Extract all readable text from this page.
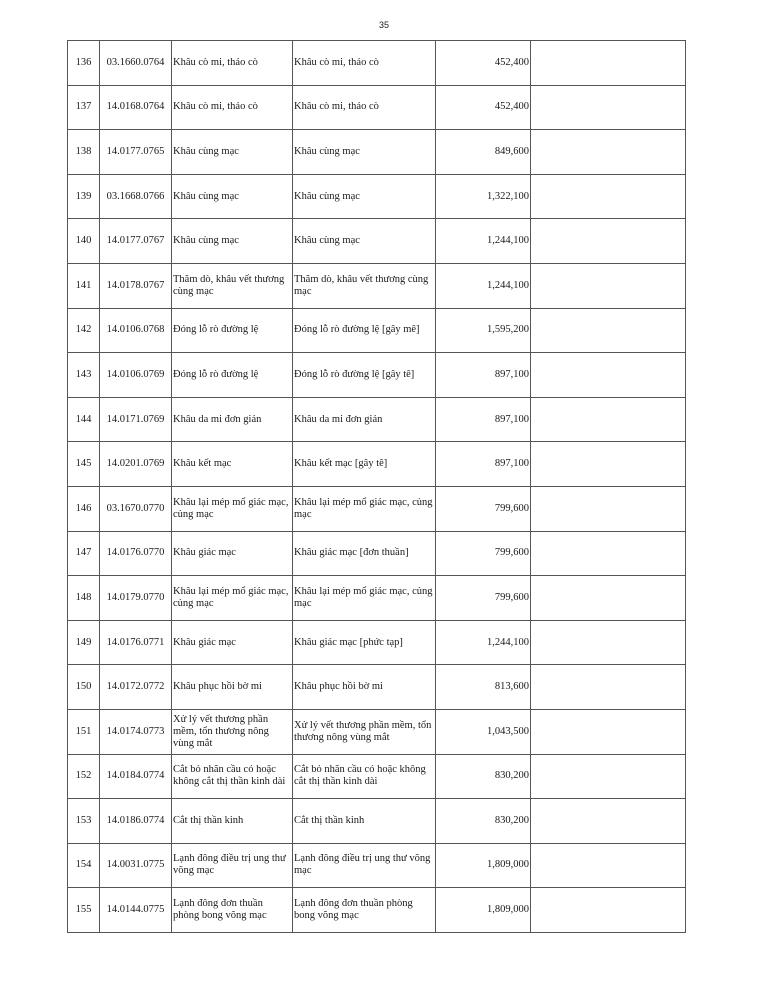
35
136	03.1660.0764	Khâu cò mi, tháo cò	Khâu cò mi, tháo cò	452,400	
137	14.0168.0764	Khâu cò mi, tháo cò	Khâu cò mi, tháo cò	452,400	
138	14.0177.0765	Khâu cùng mạc	Khâu cùng mạc	849,600	
139	03.1668.0766	Khâu cùng mạc	Khâu cùng mạc	1,322,100	
140	14.0177.0767	Khâu cùng mạc	Khâu cùng mạc	1,244,100	
141	14.0178.0767	Thăm dò, khâu vết thương cùng mạc	Thăm dò, khâu vết thương cùng mạc	1,244,100	
142	14.0106.0768	Đóng lỗ rò đường lệ	Đóng lỗ rò đường lệ [gây mê]	1,595,200	
143	14.0106.0769	Đóng lỗ rò đường lệ	Đóng lỗ rò đường lệ [gây tê]	897,100	
144	14.0171.0769	Khâu da mi đơn giản	Khâu da mi đơn giản	897,100	
145	14.0201.0769	Khâu kết mạc	Khâu kết mạc [gây tê]	897,100	
146	03.1670.0770	Khâu lại mép mổ giác mạc, củng mạc	Khâu lại mép mổ giác mạc, củng mạc	799,600	
147	14.0176.0770	Khâu giác mạc	Khâu giác mạc [đơn thuần]	799,600	
148	14.0179.0770	Khâu lại mép mổ giác mạc, củng mạc	Khâu lại mép mổ giác mạc, củng mạc	799,600	
149	14.0176.0771	Khâu giác mạc	Khâu giác mạc [phức tạp]	1,244,100	
150	14.0172.0772	Khâu phục hồi bờ mi	Khâu phục hồi bờ mi	813,600	
151	14.0174.0773	Xử lý vết thương phần mềm, tổn thương nông vùng mắt	Xử lý vết thương phần mềm, tổn thương nông vùng mắt	1,043,500	
152	14.0184.0774	Cắt bỏ nhãn cầu có hoặc không cắt thị thần kinh dài	Cắt bỏ nhãn cầu có hoặc không cắt thị thần kinh dài	830,200	
153	14.0186.0774	Cắt thị thần kinh	Cắt thị thần kinh	830,200	
154	14.0031.0775	Lạnh đông điều trị ung thư võng mạc	Lạnh đông điều trị ung thư võng mạc	1,809,000	
155	14.0144.0775	Lạnh đông đơn thuần phòng bong võng mạc	Lạnh đông đơn thuần phòng bong võng mạc	1,809,000	
